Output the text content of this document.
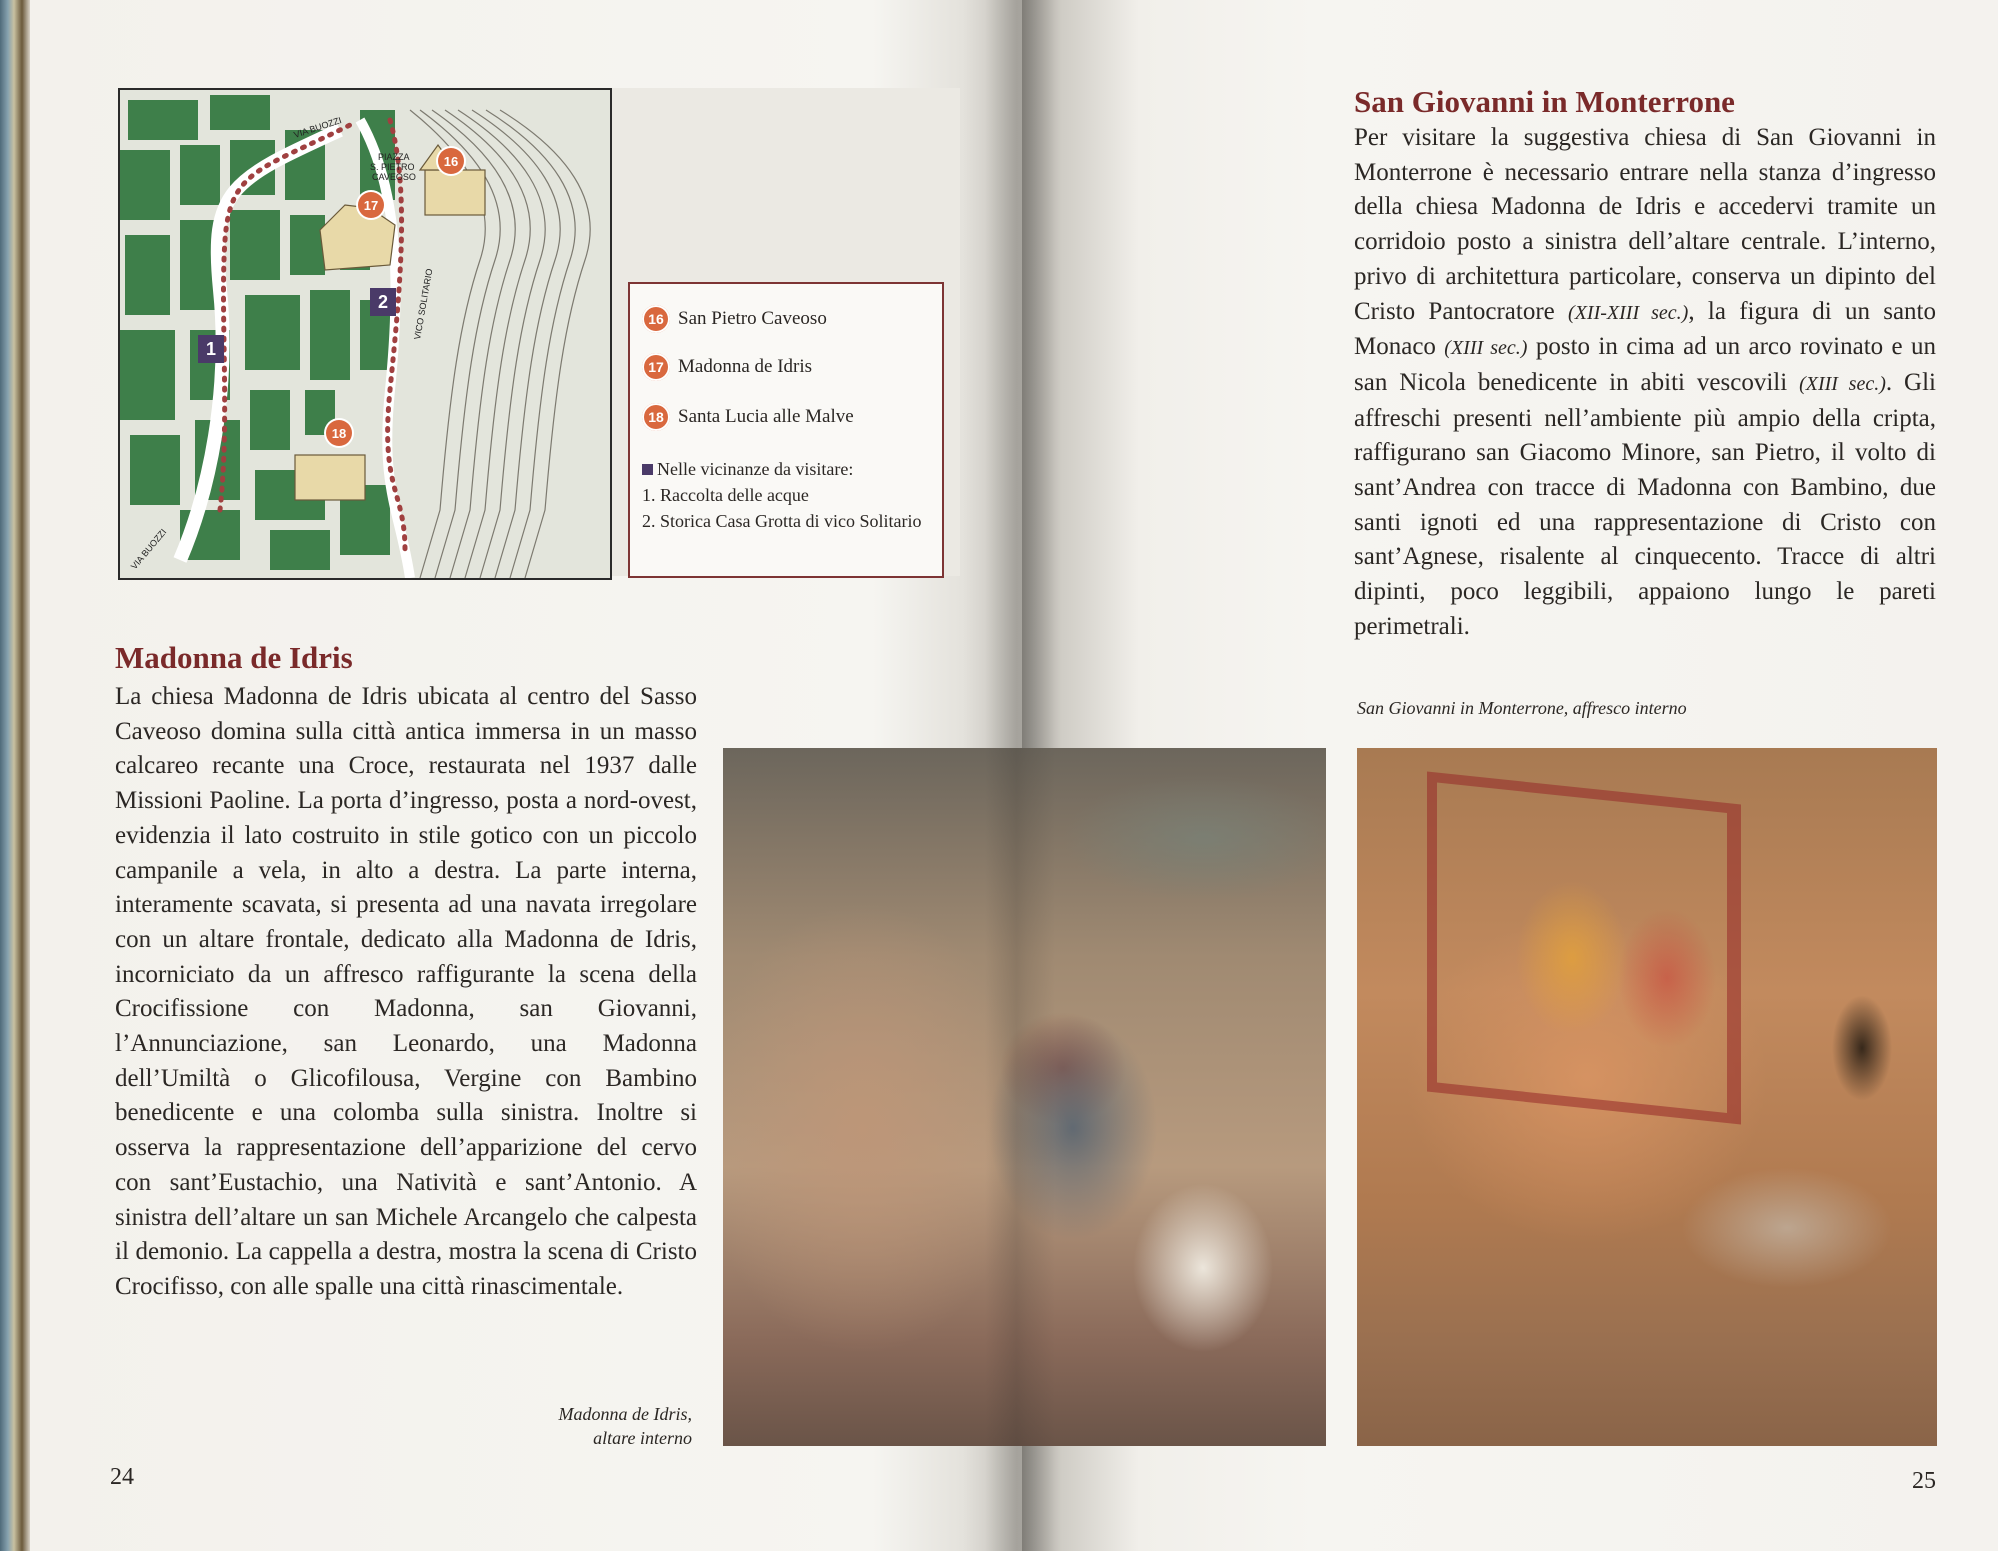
VIA BUOZZI
PIAZZA
S. PIETRO
CAVEOSO
VICO SOLITARIO
VIA BUOZZI
16
17
18
1
2
16 San Pietro Caveoso
17 Madonna de Idris
18 Santa Lucia alle Malve
Nelle vicinanze da visitare:
1. Raccolta delle acque
2. Storica Casa Grotta di vico Solitario
Madonna de Idris

La chiesa Madonna de Idris ubicata al centro del Sasso Caveoso domina sulla città antica immersa in un masso calcareo recante una Croce, restaurata nel 1937 dalle Missioni Paoline. La porta d’ingresso, posta a nord-ovest, evidenzia il lato costruito in stile gotico con un piccolo campanile a vela, in alto a destra. La parte interna, interamente scavata, si presenta ad una navata irregolare con un altare frontale, dedicato alla Madonna de Idris, incorniciato da un affresco raffigurante la scena della Crocifissione con Madonna, san Giovanni, l’Annunciazione, san Leonardo, una Madonna dell’Umiltà o Glicofilousa, Vergine con Bambino benedicente e una colomba sulla sinistra. Inoltre si osserva la rappresentazione dell’apparizione del cervo con sant’Eustachio, una Natività e sant’Antonio. A sinistra dell’altare un san Michele Arcangelo che calpesta il demonio. La cappella a destra, mostra la scena di Cristo Crocifisso, con alle spalle una città rinascimentale.

Madonna de Idris,
altare interno
24
San Giovanni in Monterrone

Per visitare la suggestiva chiesa di San Giovanni in Monterrone è necessario entrare nella stanza d’ingresso della chiesa Madonna de Idris e accedervi tramite un corridoio posto a sinistra dell’altare centrale. L’interno, privo di architettura particolare, conserva un dipinto del Cristo Pantocratore (XII-XIII sec.), la figura di un santo Monaco (XIII sec.) posto in cima ad un arco rovinato e un san Nicola benedicente in abiti vescovili (XIII sec.). Gli affreschi presenti nell’ambiente più ampio della cripta, raffigurano san Giacomo Minore, san Pietro, il volto di sant’Andrea con tracce di Madonna con Bambino, due santi ignoti ed una rappresentazione di Cristo con sant’Agnese, risalente al cinquecento. Tracce di altri dipinti, poco leggibili, appaiono lungo le pareti perimetrali.

San Giovanni in Monterrone, affresco interno
25
